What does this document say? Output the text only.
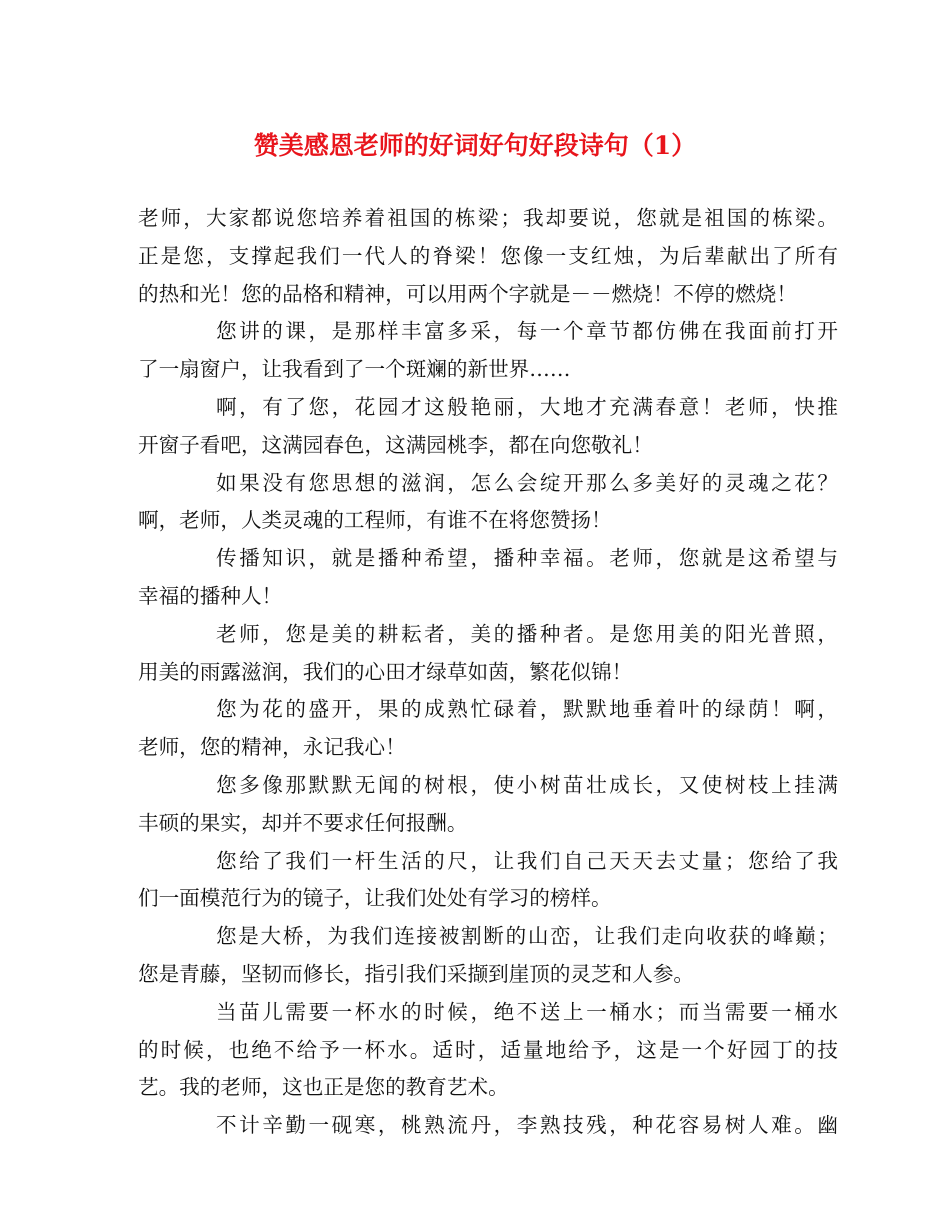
赞美感恩老师的好词好句好段诗句（1）
老师，大家都说您培养着祖国的栋梁；我却要说，您就是祖国的栋梁。
正是您，支撑起我们一代人的脊梁！您像一支红烛，为后辈献出了所有
的热和光！您的品格和精神，可以用两个字就是－－燃烧！不停的燃烧！
您讲的课，是那样丰富多采，每一个章节都仿佛在我面前打开
了一扇窗户，让我看到了一个斑斓的新世界……
啊，有了您，花园才这般艳丽，大地才充满春意！老师，快推
开窗子看吧，这满园春色，这满园桃李，都在向您敬礼！
如果没有您思想的滋润，怎么会绽开那么多美好的灵魂之花？
啊，老师，人类灵魂的工程师，有谁不在将您赞扬！
传播知识，就是播种希望，播种幸福。老师，您就是这希望与
幸福的播种人！
老师，您是美的耕耘者，美的播种者。是您用美的阳光普照，
用美的雨露滋润，我们的心田才绿草如茵，繁花似锦！
您为花的盛开，果的成熟忙碌着，默默地垂着叶的绿荫！啊，
老师，您的精神，永记我心！
您多像那默默无闻的树根，使小树苗壮成长，又使树枝上挂满
丰硕的果实，却并不要求任何报酬。
您给了我们一杆生活的尺，让我们自己天天去丈量；您给了我
们一面模范行为的镜子，让我们处处有学习的榜样。
您是大桥，为我们连接被割断的山峦，让我们走向收获的峰巅；
您是青藤，坚韧而修长，指引我们采撷到崖顶的灵芝和人参。
当苗儿需要一杯水的时候，绝不送上一桶水；而当需要一桶水
的时候，也绝不给予一杯水。适时，适量地给予，这是一个好园丁的技
艺。我的老师，这也正是您的教育艺术。
不计辛勤一砚寒，桃熟流丹，李熟技残，种花容易树人难。幽
